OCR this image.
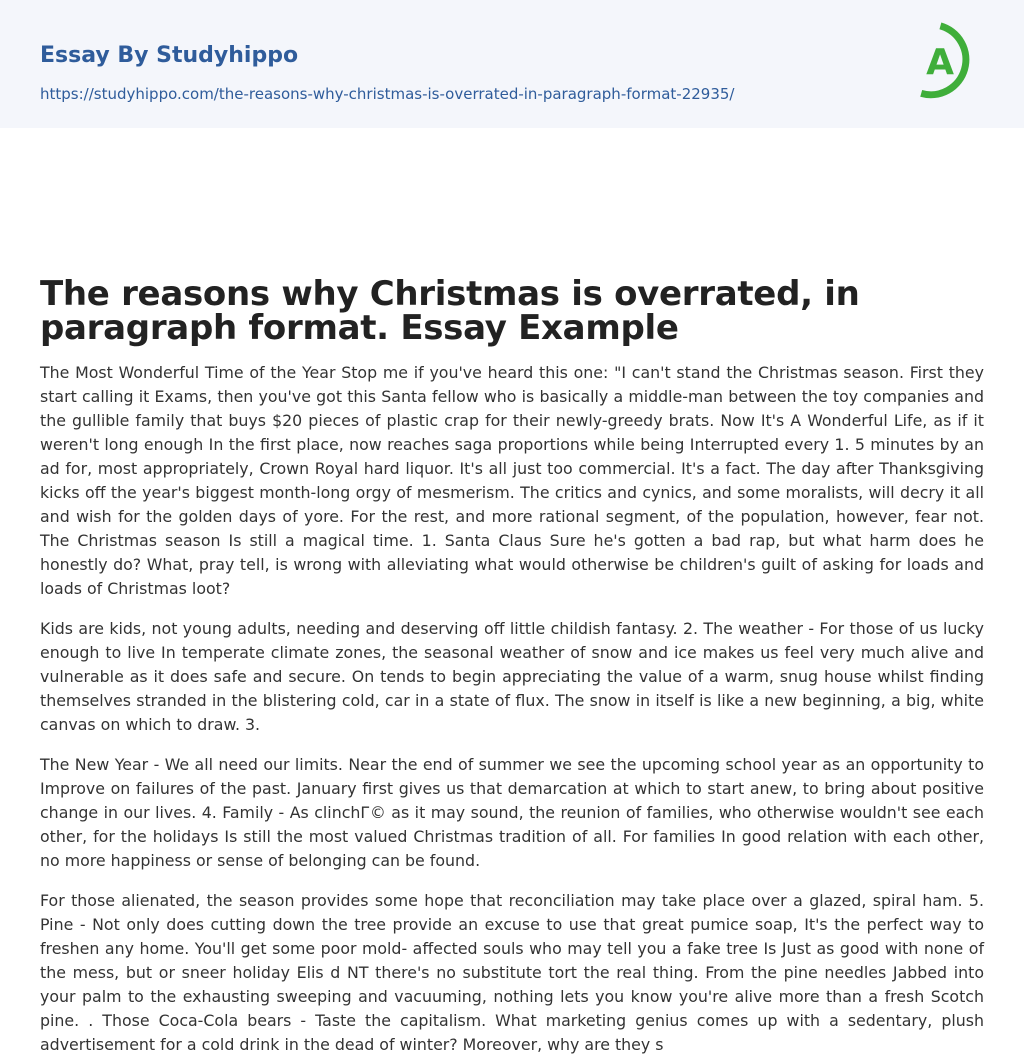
Essay By Studyhippo
https://studyhippo.com/the-reasons-why-christmas-is-overrated-in-paragraph-format-22935/
A
The reasons why Christmas is overrated, in paragraph format. Essay Example

The Most Wonderful Time of the Year Stop me if you've heard this one: "I can't stand the Christmas season. First they start calling it Exams, then you've got this Santa fellow who is basically a middle-man between the toy companies and the gullible family that buys $20 pieces of plastic crap for their newly-greedy brats. Now It's A Wonderful Life, as if it weren't long enough In the first place, now reaches saga proportions while being Interrupted every 1. 5 minutes by an ad for, most appropriately, Crown Royal hard liquor. It's all just too commercial. It's a fact. The day after Thanksgiving kicks off the year's biggest month-long orgy of mesmerism. The critics and cynics, and some moralists, will decry it all and wish for the golden days of yore. For the rest, and more rational segment, of the population, however, fear not. The Christmas season Is still a magical time. 1. Santa Claus Sure he's gotten a bad rap, but what harm does he honestly do? What, pray tell, is wrong with alleviating what would otherwise be children's guilt of asking for loads and loads of Christmas loot?

Kids are kids, not young adults, needing and deserving off little childish fantasy. 2. The weather - For those of us lucky enough to live In temperate climate zones, the seasonal weather of snow and ice makes us feel very much alive and vulnerable as it does safe and secure. On tends to begin appreciating the value of a warm, snug house whilst finding themselves stranded in the blistering cold, car in a state of flux. The snow in itself is like a new beginning, a big, white canvas on which to draw. 3.

The New Year - We all need our limits. Near the end of summer we see the upcoming school year as an opportunity to Improve on failures of the past. January first gives us that demarcation at which to start anew, to bring about positive change in our lives. 4. Family - As clinchГ© as it may sound, the reunion of families, who otherwise wouldn't see each other, for the holidays Is still the most valued Christmas tradition of all. For families In good relation with each other, no more happiness or sense of belonging can be found.

For those alienated, the season provides some hope that reconciliation may take place over a glazed, spiral ham. 5. Pine - Not only does cutting down the tree provide an excuse to use that great pumice soap, It's the perfect way to freshen any home. You'll get some poor mold- affected souls who may tell you a fake tree Is Just as good with none of the mess, but or sneer holiday Elis d NT there's no substitute tort the real thing. From the pine needles Jabbed into your palm to the exhausting sweeping and vacuuming, nothing lets you know you're alive more than a fresh Scotch pine. . Those Coca-Cola bears - Taste the capitalism. What marketing genius comes up with a sedentary, plush advertisement for a cold drink in the dead of winter? Moreover, why are they s
